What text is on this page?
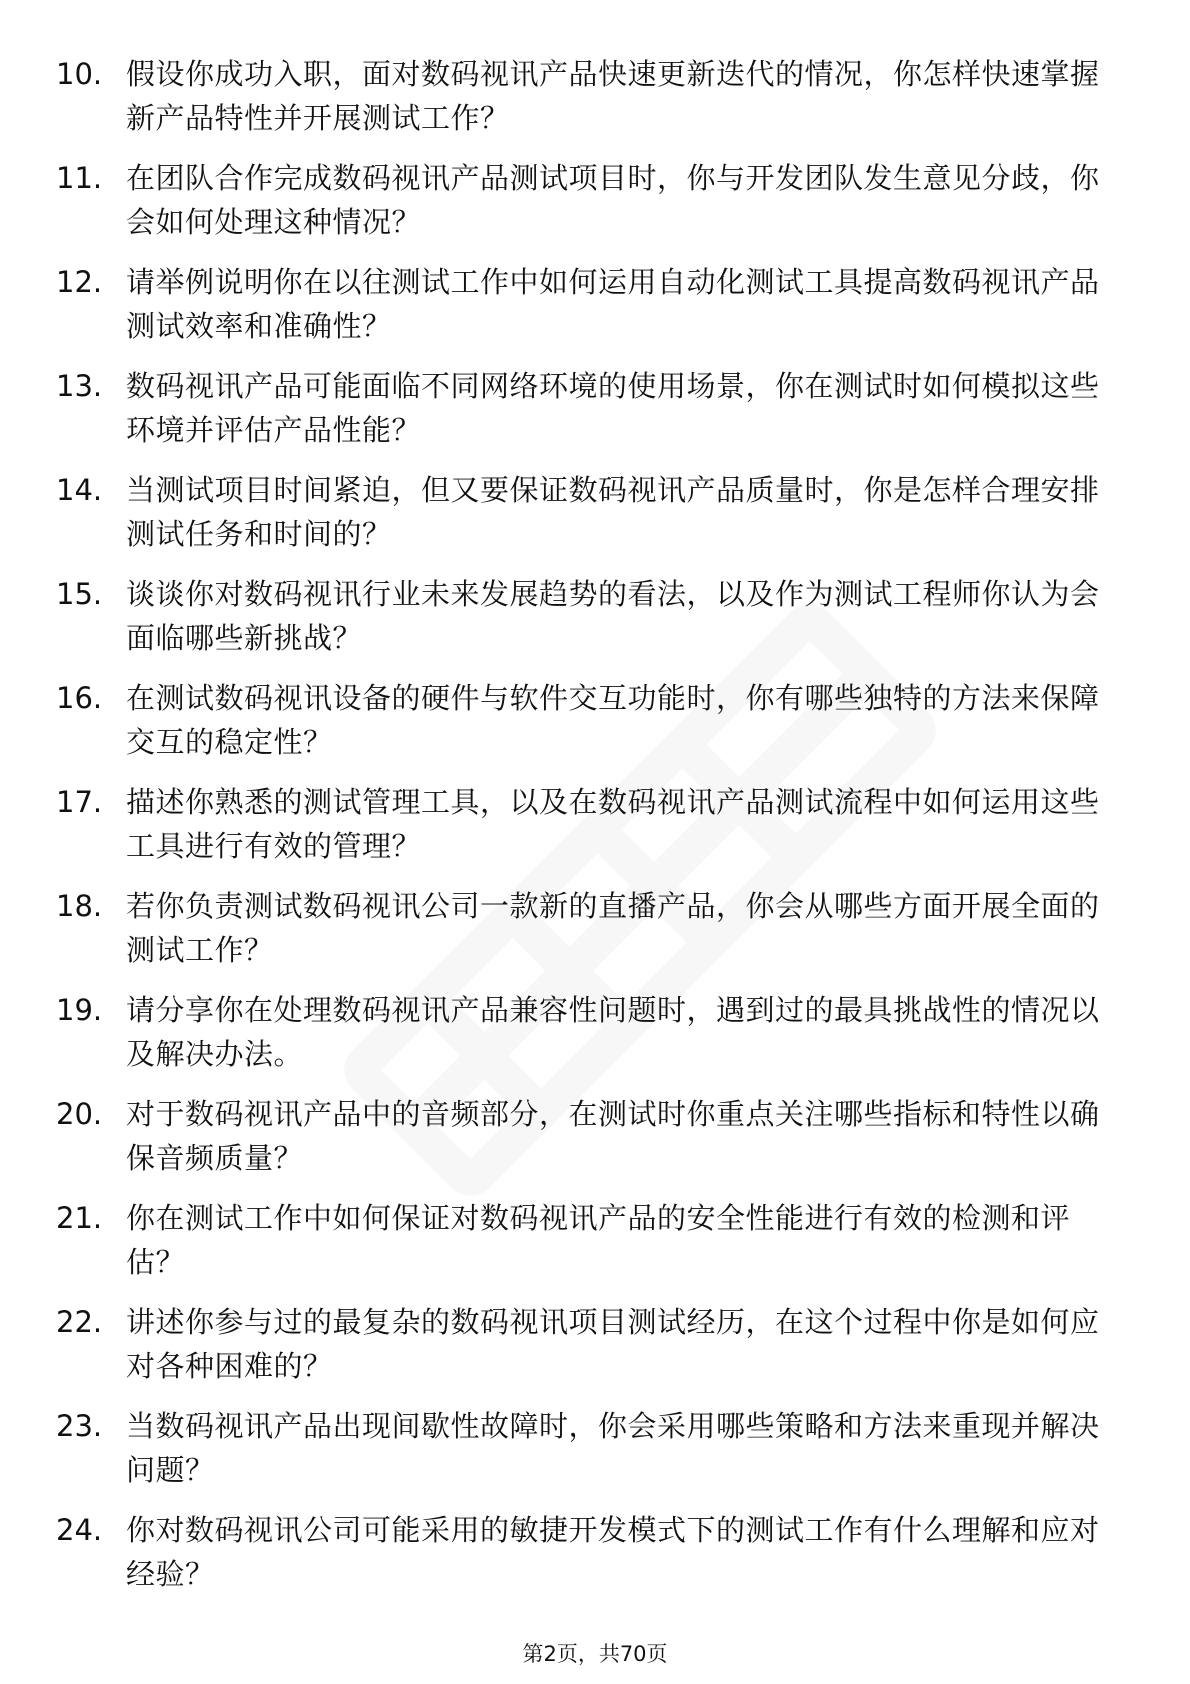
10. 假设你成功入职，面对数码视讯产品快速更新迭代的情况，你怎样快速掌握新产品特性并开展测试工作？
11. 在团队合作完成数码视讯产品测试项目时，你与开发团队发生意见分歧，你会如何处理这种情况？
12. 请举例说明你在以往测试工作中如何运用自动化测试工具提高数码视讯产品测试效率和准确性？
13. 数码视讯产品可能面临不同网络环境的使用场景，你在测试时如何模拟这些环境并评估产品性能？
14. 当测试项目时间紧迫，但又要保证数码视讯产品质量时，你是怎样合理安排测试任务和时间的？
15. 谈谈你对数码视讯行业未来发展趋势的看法，以及作为测试工程师你认为会面临哪些新挑战？
16. 在测试数码视讯设备的硬件与软件交互功能时，你有哪些独特的方法来保障交互的稳定性？
17. 描述你熟悉的测试管理工具，以及在数码视讯产品测试流程中如何运用这些工具进行有效的管理？
18. 若你负责测试数码视讯公司一款新的直播产品，你会从哪些方面开展全面的测试工作？
19. 请分享你在处理数码视讯产品兼容性问题时，遇到过的最具挑战性的情况以及解决办法。
20. 对于数码视讯产品中的音频部分，在测试时你重点关注哪些指标和特性以确保音频质量？
21. 你在测试工作中如何保证对数码视讯产品的安全性能进行有效的检测和评估？
22. 讲述你参与过的最复杂的数码视讯项目测试经历，在这个过程中你是如何应对各种困难的？
23. 当数码视讯产品出现间歇性故障时，你会采用哪些策略和方法来重现并解决问题？
24. 你对数码视讯公司可能采用的敏捷开发模式下的测试工作有什么理解和应对经验？
第2页，共70页
